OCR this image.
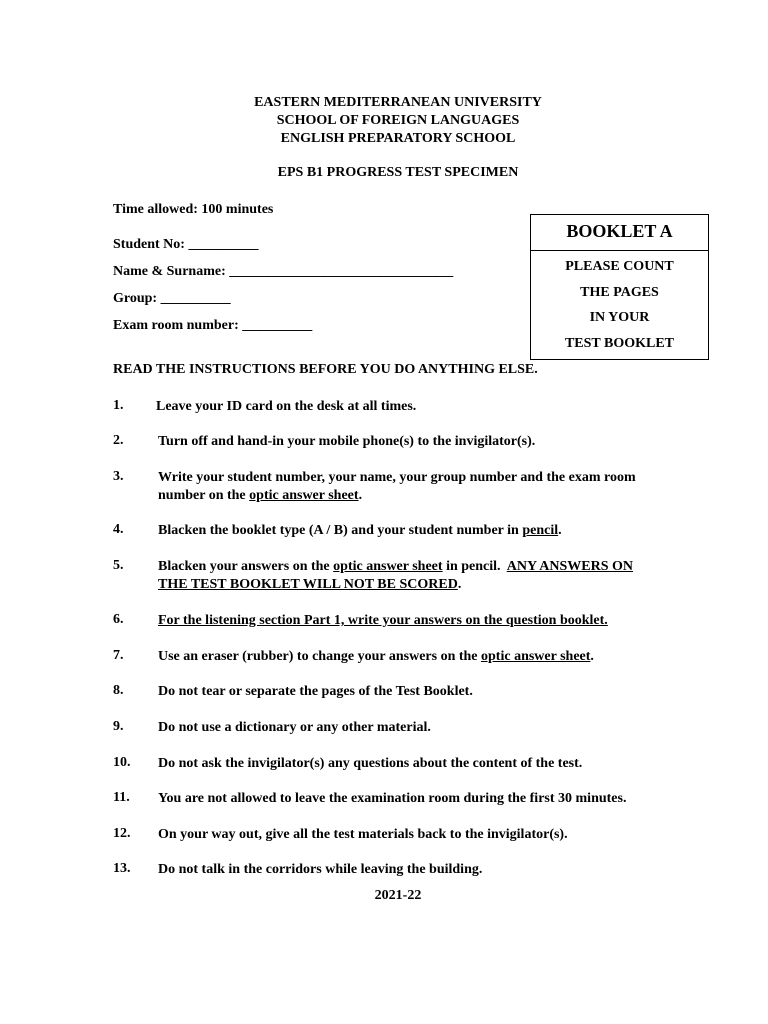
EASTERN MEDITERRANEAN UNIVERSITY
SCHOOL OF FOREIGN LANGUAGES
ENGLISH PREPARATORY SCHOOL
EPS B1 PROGRESS TEST SPECIMEN
Time allowed: 100 minutes
Student No: __________
Name & Surname: ________________________________
Group: __________
Exam room number: __________
BOOKLET A
PLEASE COUNT
THE PAGES
IN YOUR
TEST BOOKLET
READ THE INSTRUCTIONS BEFORE YOU DO ANYTHING ELSE.
1. Leave your ID card on the desk at all times.
2. Turn off and hand-in your mobile phone(s) to the invigilator(s).
3. Write your student number, your name, your group number and the exam room
number on the optic answer sheet.
4. Blacken the booklet type (A / B) and your student number in pencil.
5. Blacken your answers on the optic answer sheet in pencil.  ANY ANSWERS ON
THE TEST BOOKLET WILL NOT BE SCORED.
6. For the listening section Part 1, write your answers on the question booklet.
7. Use an eraser (rubber) to change your answers on the optic answer sheet.
8. Do not tear or separate the pages of the Test Booklet.
9. Do not use a dictionary or any other material.
10. Do not ask the invigilator(s) any questions about the content of the test.
11. You are not allowed to leave the examination room during the first 30 minutes.
12. On your way out, give all the test materials back to the invigilator(s).
13. Do not talk in the corridors while leaving the building.
2021-22
